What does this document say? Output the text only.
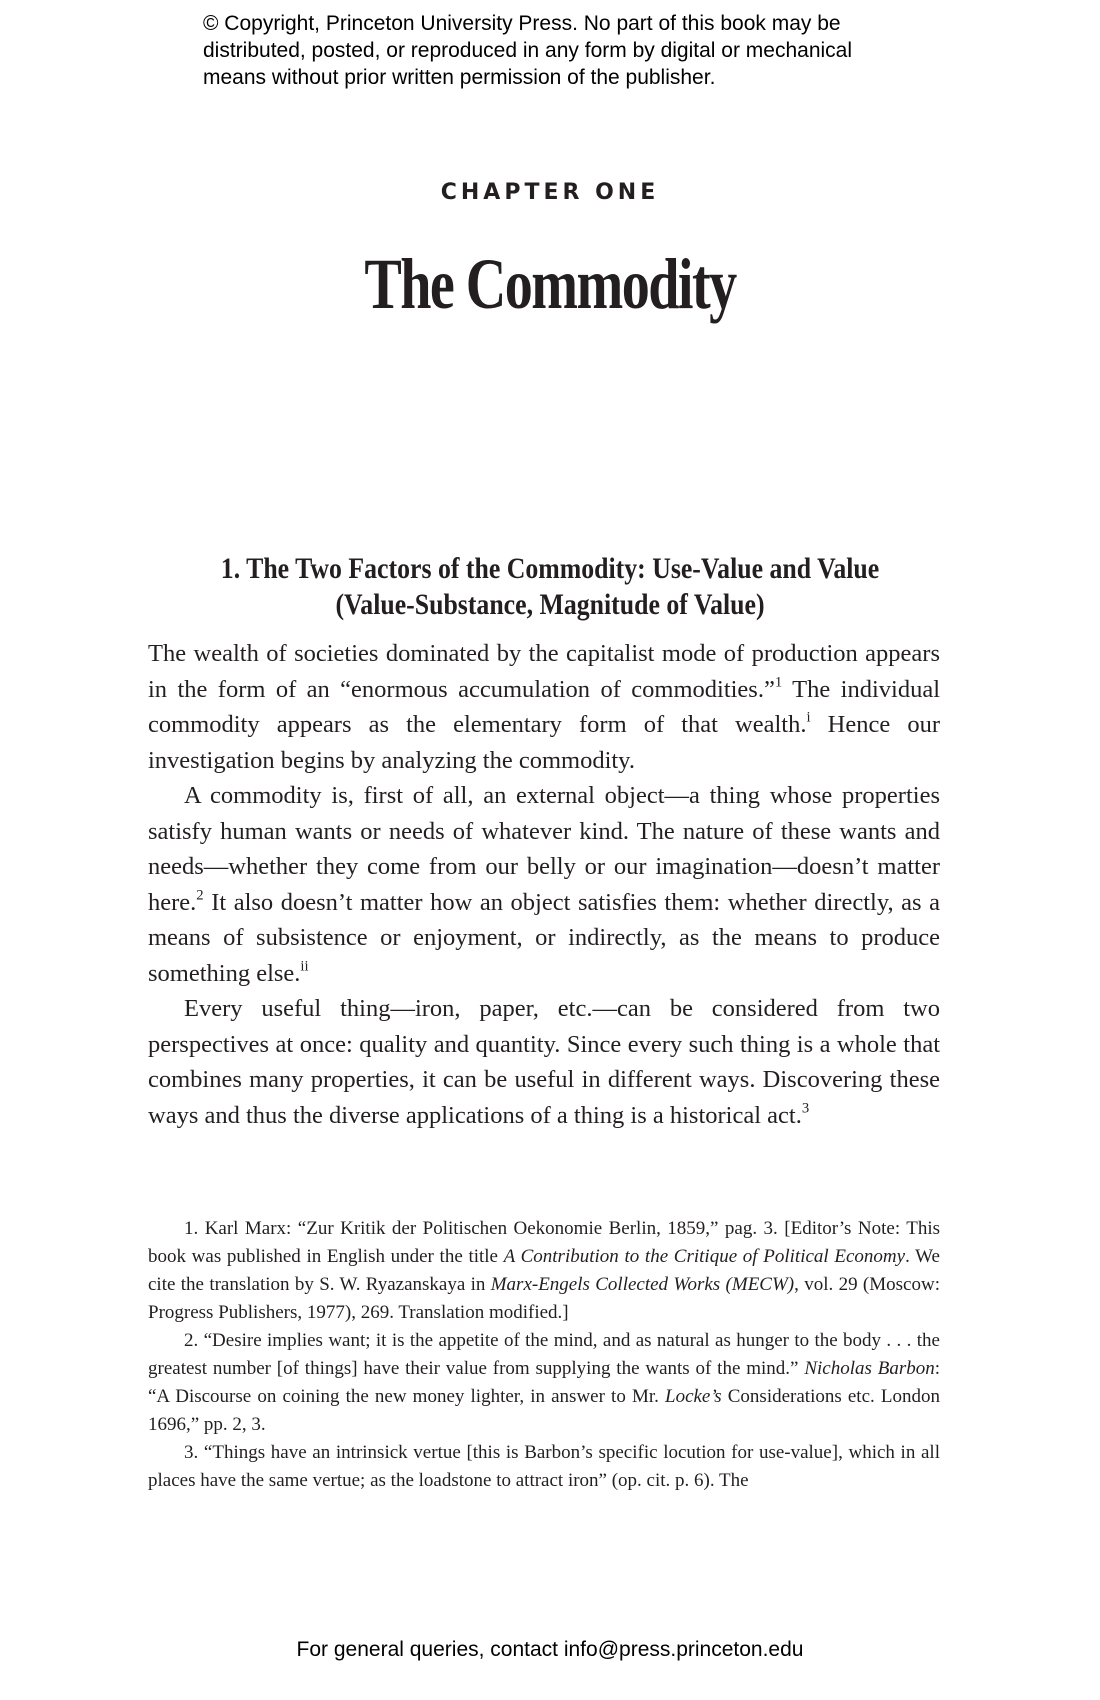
© Copyright, Princeton University Press. No part of this book may be
distributed, posted, or reproduced in any form by digital or mechanical
means without prior written permission of the publisher.
CHAPTER ONE
The Commodity
1. The Two Factors of the Commodity: Use-Value and Value
(Value-Substance, Magnitude of Value)

The wealth of societies dominated by the capitalist mode of production appears in the form of an “enormous accumulation of commodities.”$^1$ The individual commodity appears as the elementary form of that wealth.$^i$ Hence our investigation begins by analyzing the commodity.

A commodity is, first of all, an external object—a thing whose properties satisfy human wants or needs of whatever kind. The nature of these wants and needs—whether they come from our belly or our imagination—doesn’t matter here.$^2$ It also doesn’t matter how an object satisfies them: whether directly, as a means of subsistence or enjoyment, or indirectly, as the means to produce something else.$^{ii}$

Every useful thing—iron, paper, etc.—can be considered from two perspectives at once: quality and quantity. Since every such thing is a whole that combines many properties, it can be useful in different ways. Discovering these ways and thus the diverse applications of a thing is a historical act.$^3$

1. Karl Marx: “Zur Kritik der Politischen Oekonomie Berlin, 1859,” pag. 3. [Editor’s Note: This book was published in English under the title A Contribution to the Critique of Political Economy. We cite the translation by S. W. Ryazanskaya in Marx-Engels Collected Works (MECW), vol. 29 (Moscow: Progress Publishers, 1977), 269. Translation modified.]

2. “Desire implies want; it is the appetite of the mind, and as natural as hunger to the body . . . the greatest number [of things] have their value from supplying the wants of the mind.” Nicholas Barbon: “A Discourse on coining the new money lighter, in answer to Mr. Locke’s Considerations etc. London 1696,” pp. 2, 3.

3. “Things have an intrinsick vertue [this is Barbon’s specific locution for use-value], which in all places have the same vertue; as the loadstone to attract iron” (op. cit. p. 6). The

For general queries, contact info@press.princeton.edu
